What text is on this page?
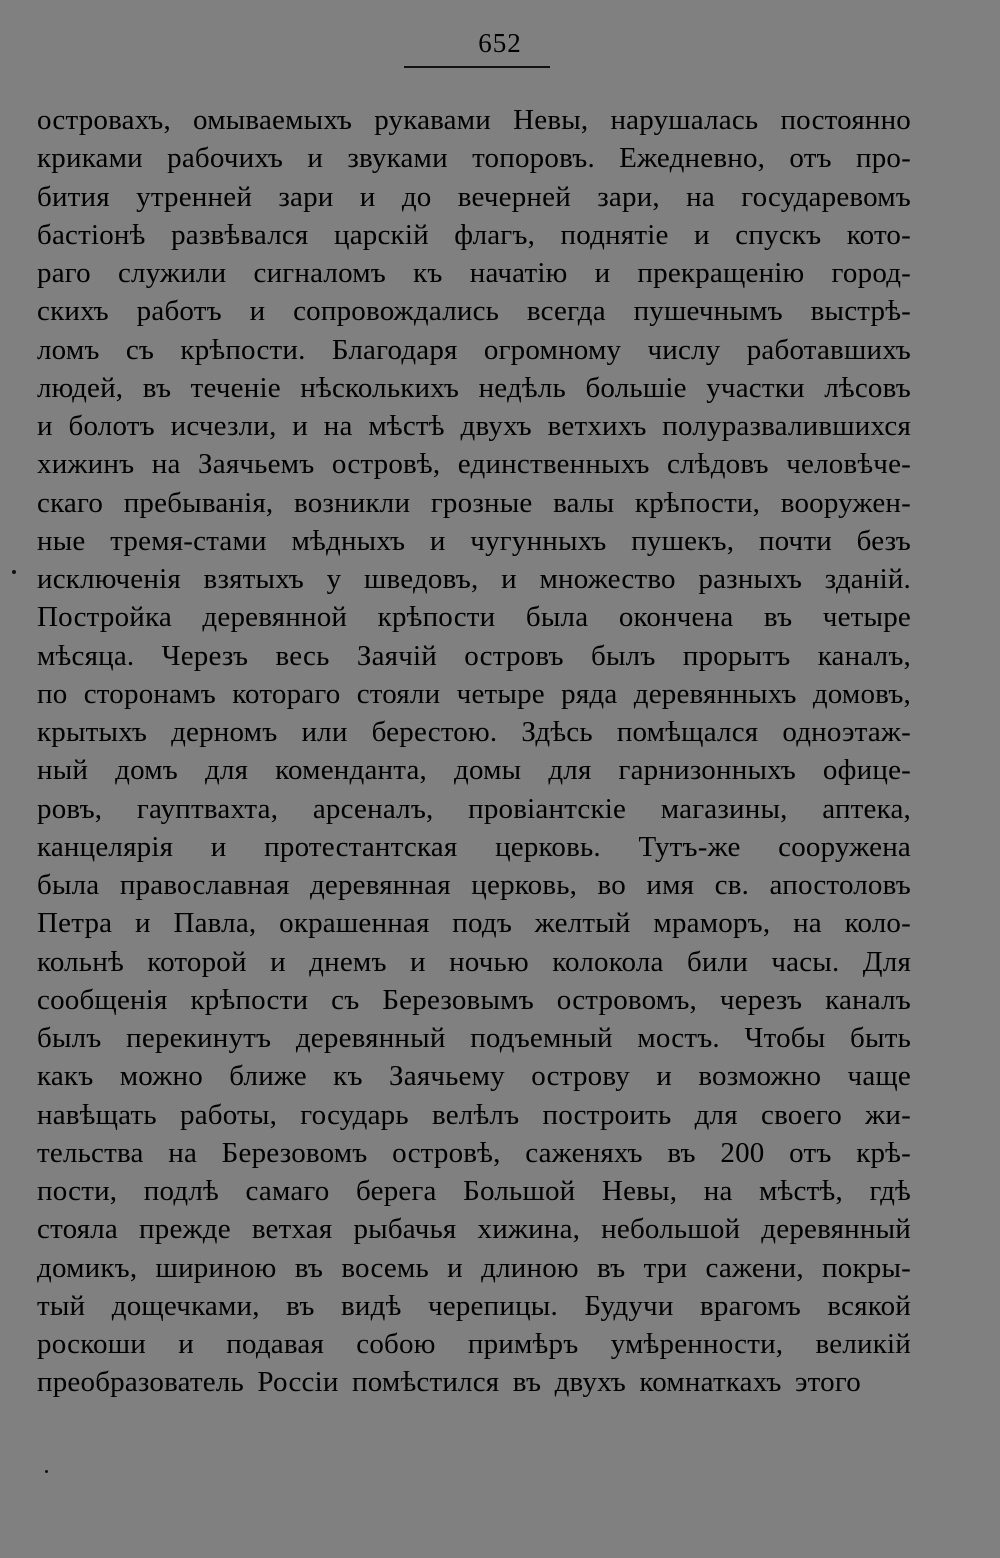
652
островахъ, омываемыхъ рукавами Невы, нарушалась постоянно
криками рабочихъ и звуками топоровъ. Ежедневно, отъ про-
бития утренней зари и до вечерней зари, на государевомъ
бастіонѣ развѣвался царскій флагъ, поднятіе и спускъ кото-
раго служили сигналомъ къ начатію и прекращенію город-
скихъ работъ и сопровождались всегда пушечнымъ выстрѣ-
ломъ съ крѣпости. Благодаря огромному числу работавшихъ
людей, въ теченіе нѣсколькихъ недѣль большіе участки лѣсовъ
и болотъ исчезли, и на мѣстѣ двухъ ветхихъ полуразвалившихся
хижинъ на Заячьемъ островѣ, единственныхъ слѣдовъ человѣче-
скаго пребыванія, возникли грозные валы крѣпости, вооружен-
ные тремя-стами мѣдныхъ и чугунныхъ пушекъ, почти безъ
исключенія взятыхъ у шведовъ, и множество разныхъ зданій.
Постройка деревянной крѣпости была окончена въ четыре
мѣсяца. Черезъ весь Заячій островъ былъ прорытъ каналъ,
по сторонамъ котораго стояли четыре ряда деревянныхъ домовъ,
крытыхъ дерномъ или берестою. Здѣсь помѣщался одноэтаж-
ный домъ для коменданта, домы для гарнизонныхъ офице-
ровъ, гауптвахта, арсеналъ, провіантскіе магазины, аптека,
канцелярія и протестантская церковь. Тутъ-же сооружена
была православная деревянная церковь, во имя св. апостоловъ
Петра и Павла, окрашенная подъ желтый мраморъ, на коло-
кольнѣ которой и днемъ и ночью колокола били часы. Для
сообщенія крѣпости съ Березовымъ островомъ, черезъ каналъ
былъ перекинутъ деревянный подъемный мостъ. Чтобы быть
какъ можно ближе къ Заячьему острову и возможно чаще
навѣщать работы, государь велѣлъ построить для своего жи-
тельства на Березовомъ островѣ, саженяхъ въ 200 отъ крѣ-
пости, подлѣ самаго берега Большой Невы, на мѣстѣ, гдѣ
стояла прежде ветхая рыбачья хижина, небольшой деревянный
домикъ, шириною въ восемь и длиною въ три сажени, покры-
тый дощечками, въ видѣ черепицы. Будучи врагомъ всякой
роскоши и подавая собою примѣръ умѣренности, великій
преобразователь Россіи помѣстился въ двухъ комнаткахъ этого
